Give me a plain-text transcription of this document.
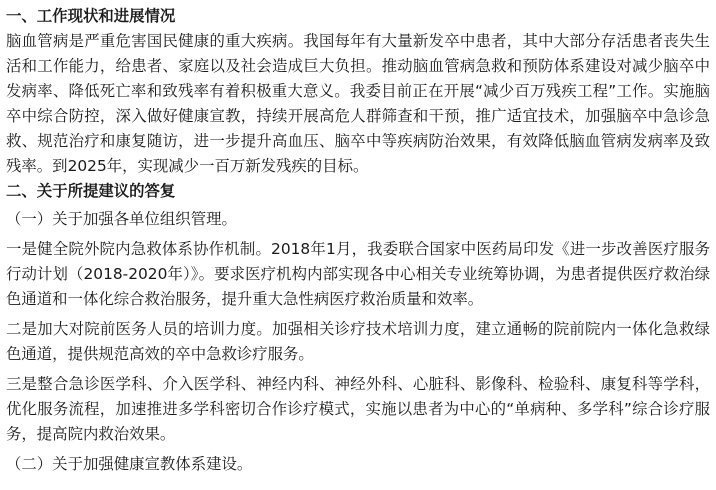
一、工作现状和进展情况

脑血管病是严重危害国民健康的重大疾病。我国每年有大量新发卒中患者，其中大部分存活患者丧失生活和工作能力，给患者、家庭以及社会造成巨大负担。推动脑血管病急救和预防体系建设对减少脑卒中发病率、降低死亡率和致残率有着积极重大意义。我委目前正在开展“减少百万残疾工程”工作。实施脑卒中综合防控，深入做好健康宣教，持续开展高危人群筛查和干预，推广适宜技术，加强脑卒中急诊急救、规范治疗和康复随访，进一步提升高血压、脑卒中等疾病防治效果，有效降低脑血管病发病率及致残率。到2025年，实现减少一百万新发残疾的目标。

二、关于所提建议的答复

（一）关于加强各单位组织管理。

一是健全院外院内急救体系协作机制。2018年1月，我委联合国家中医药局印发《进一步改善医疗服务行动计划（2018-2020年）》。要求医疗机构内部实现各中心相关专业统筹协调，为患者提供医疗救治绿色通道和一体化综合救治服务，提升重大急性病医疗救治质量和效率。

二是加大对院前医务人员的培训力度。加强相关诊疗技术培训力度，建立通畅的院前院内一体化急救绿色通道，提供规范高效的卒中急救诊疗服务。

三是整合急诊医学科、介入医学科、神经内科、神经外科、心脏科、影像科、检验科、康复科等学科，优化服务流程，加速推进多学科密切合作诊疗模式，实施以患者为中心的“单病种、多学科”综合诊疗服务，提高院内救治效果。

（二）关于加强健康宣教体系建设。
